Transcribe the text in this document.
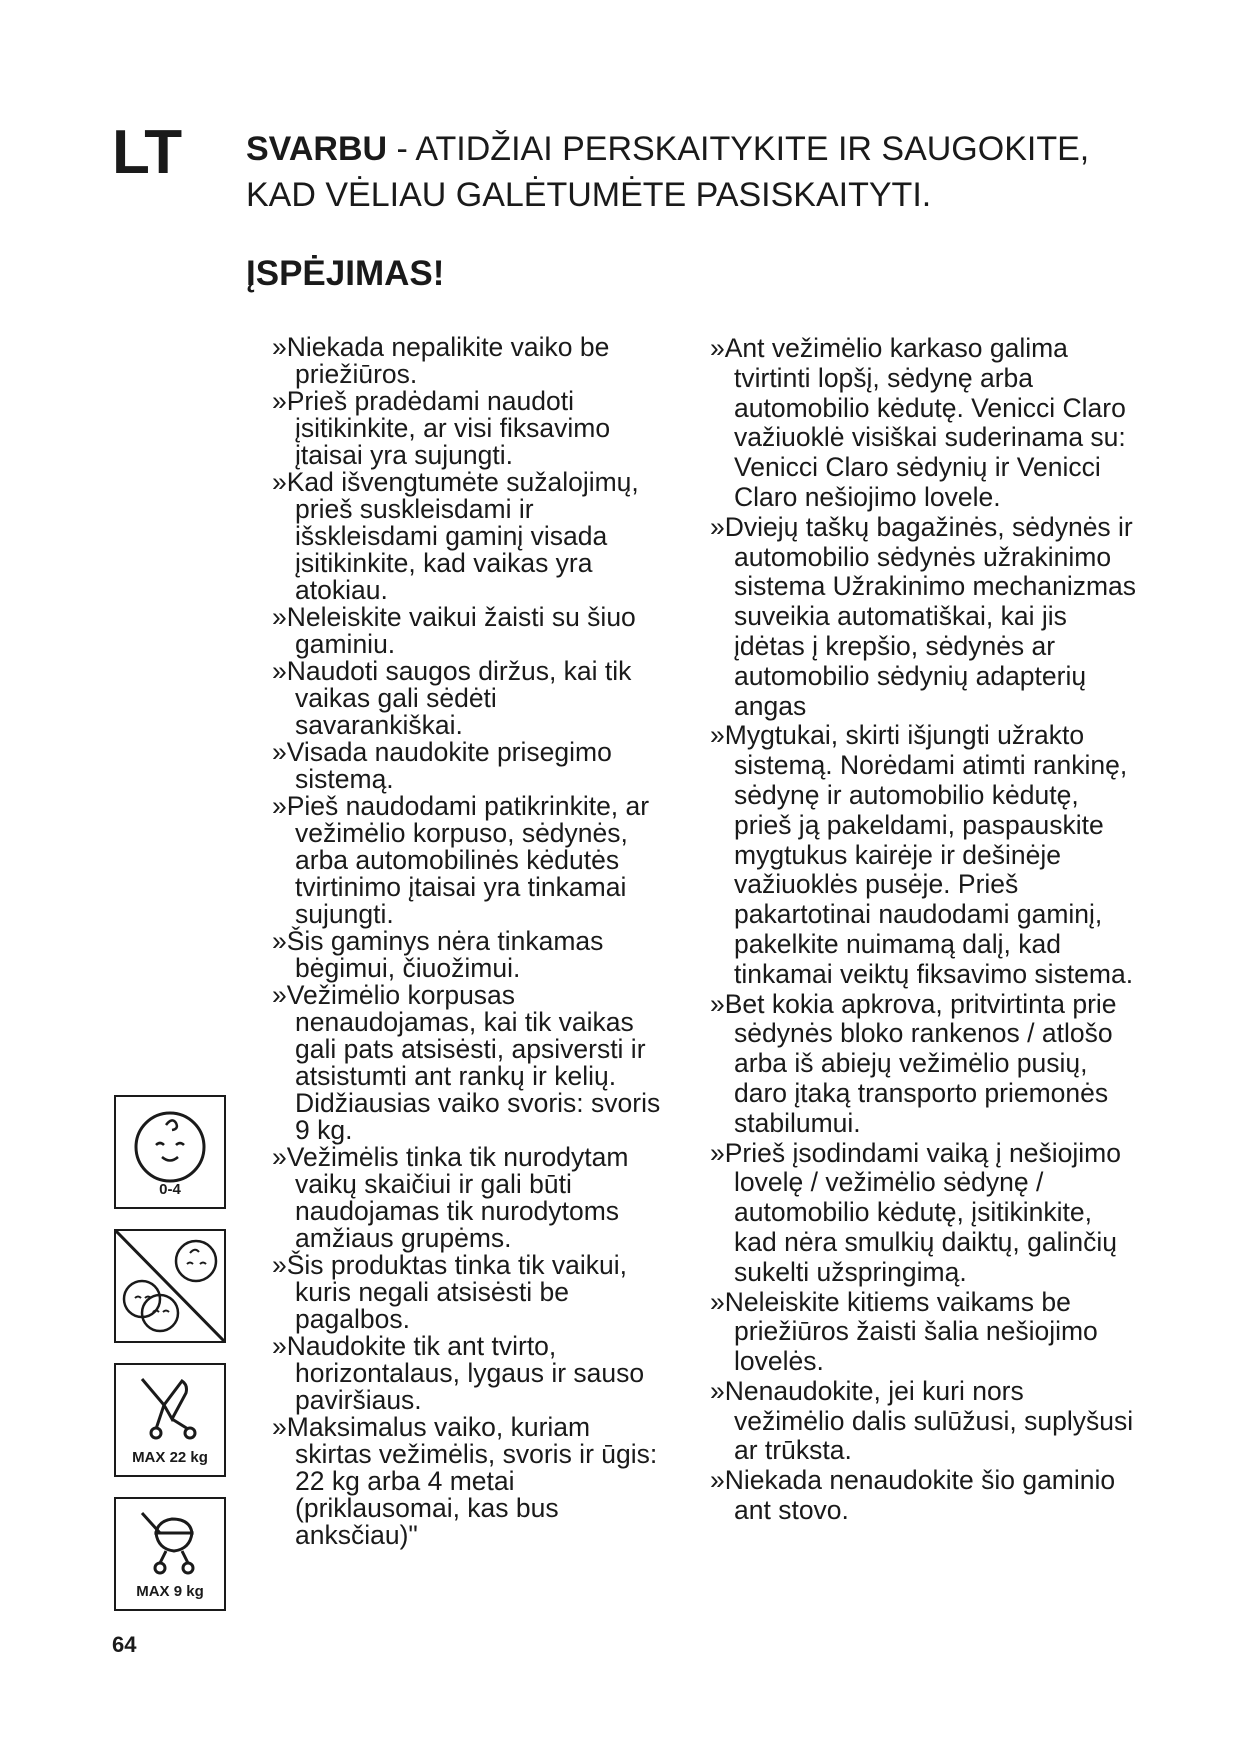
LT SVARBU - ATIDŽIAI PERSKAITYKITE IR SAUGOKITE, KAD VĖLIAU GALĖTUMĖTE PASISKAITYTI.
ĮSPĖJIMAS!
»Niekada nepalikite vaiko be priežiūros.
»Prieš pradėdami naudoti įsitikinkite, ar visi fiksavimo įtaisai yra sujungti.
»Kad išvengtumėte sužalojimų, prieš suskleisdami ir išskleisdami gaminį visada įsitikinkite, kad vaikas yra atokiau.
»Neleiskite vaikui žaisti su šiuo gaminiu.
»Naudoti saugos diržus, kai tik vaikas gali sėdėti savarankiškai.
»Visada naudokite prisegimo sistemą.
»Pieš naudodami patikrinkite, ar vežimėlio korpuso, sėdynės, arba automobilinės kėdutės tvirtinimo įtaisai yra tinkamai sujungti.
»Šis gaminys nėra tinkamas bėgimui, čiuožimui.
»Vežimėlio korpusas nenaudojamas, kai tik vaikas gali pats atsisėsti, apsiversti ir atsistumti ant rankų ir kelių. Didžiausias vaiko svoris: svoris 9 kg.
»Vežimėlis tinka tik nurodytam vaikų skaičiui ir gali būti naudojamas tik nurodytoms amžiaus grupėms.
»Šis produktas tinka tik vaikui, kuris negali atsisėsti be pagalbos.
»Naudokite tik ant tvirto, horizontalaus, lygaus ir sauso paviršiaus.
»Maksimalus vaiko, kuriam skirtas vežimėlis, svoris ir ūgis: 22 kg arba 4 metai (priklausomai, kas bus anksčiau)"
»Ant vežimėlio karkaso galima tvirtinti lopšį, sėdynę arba automobilio kėdutę. Venicci Claro važiuoklė visiškai suderinama su: Venicci Claro sėdynių ir Venicci Claro nešiojimo lovele.
»Dviejų taškų bagažinės, sėdynės ir automobilio sėdynės užrakinimo sistema Užrakinimo mechanizmas suveikia automatiškai, kai jis įdėtas į krepšio, sėdynės ar automobilio sėdynių adapterių angas
»Mygtukai, skirti išjungti užrakto sistemą. Norėdami atimti rankinę, sėdynę ir automobilio kėdutę, prieš ją pakeldami, paspauskite mygtukus kairėje ir dešinėje važiuoklės pusėje. Prieš pakartotinai naudodami gaminį, pakelkite nuimamą dalį, kad tinkamai veiktų fiksavimo sistema.
»Bet kokia apkrova, pritvirtinta prie sėdynės bloko rankenos / atlošo arba iš abiejų vežimėlio pusių, daro įtaką transporto priemonės stabilumui.
»Prieš įsodindami vaiką į nešiojimo lovelę / vežimėlio sėdynę / automobilio kėdutę, įsitikinkite, kad nėra smulkių daiktų, galinčių sukelti užspringimą.
»Neleiskite kitiems vaikams be priežiūros žaisti šalia nešiojimo lovelės.
»Nenaudokite, jei kuri nors vežimėlio dalis sulūžusi, suplyšusi ar trūksta.
»Niekada nenaudokite šio gaminio ant stovo.
0-4
MAX 22 kg
MAX 9 kg
64
